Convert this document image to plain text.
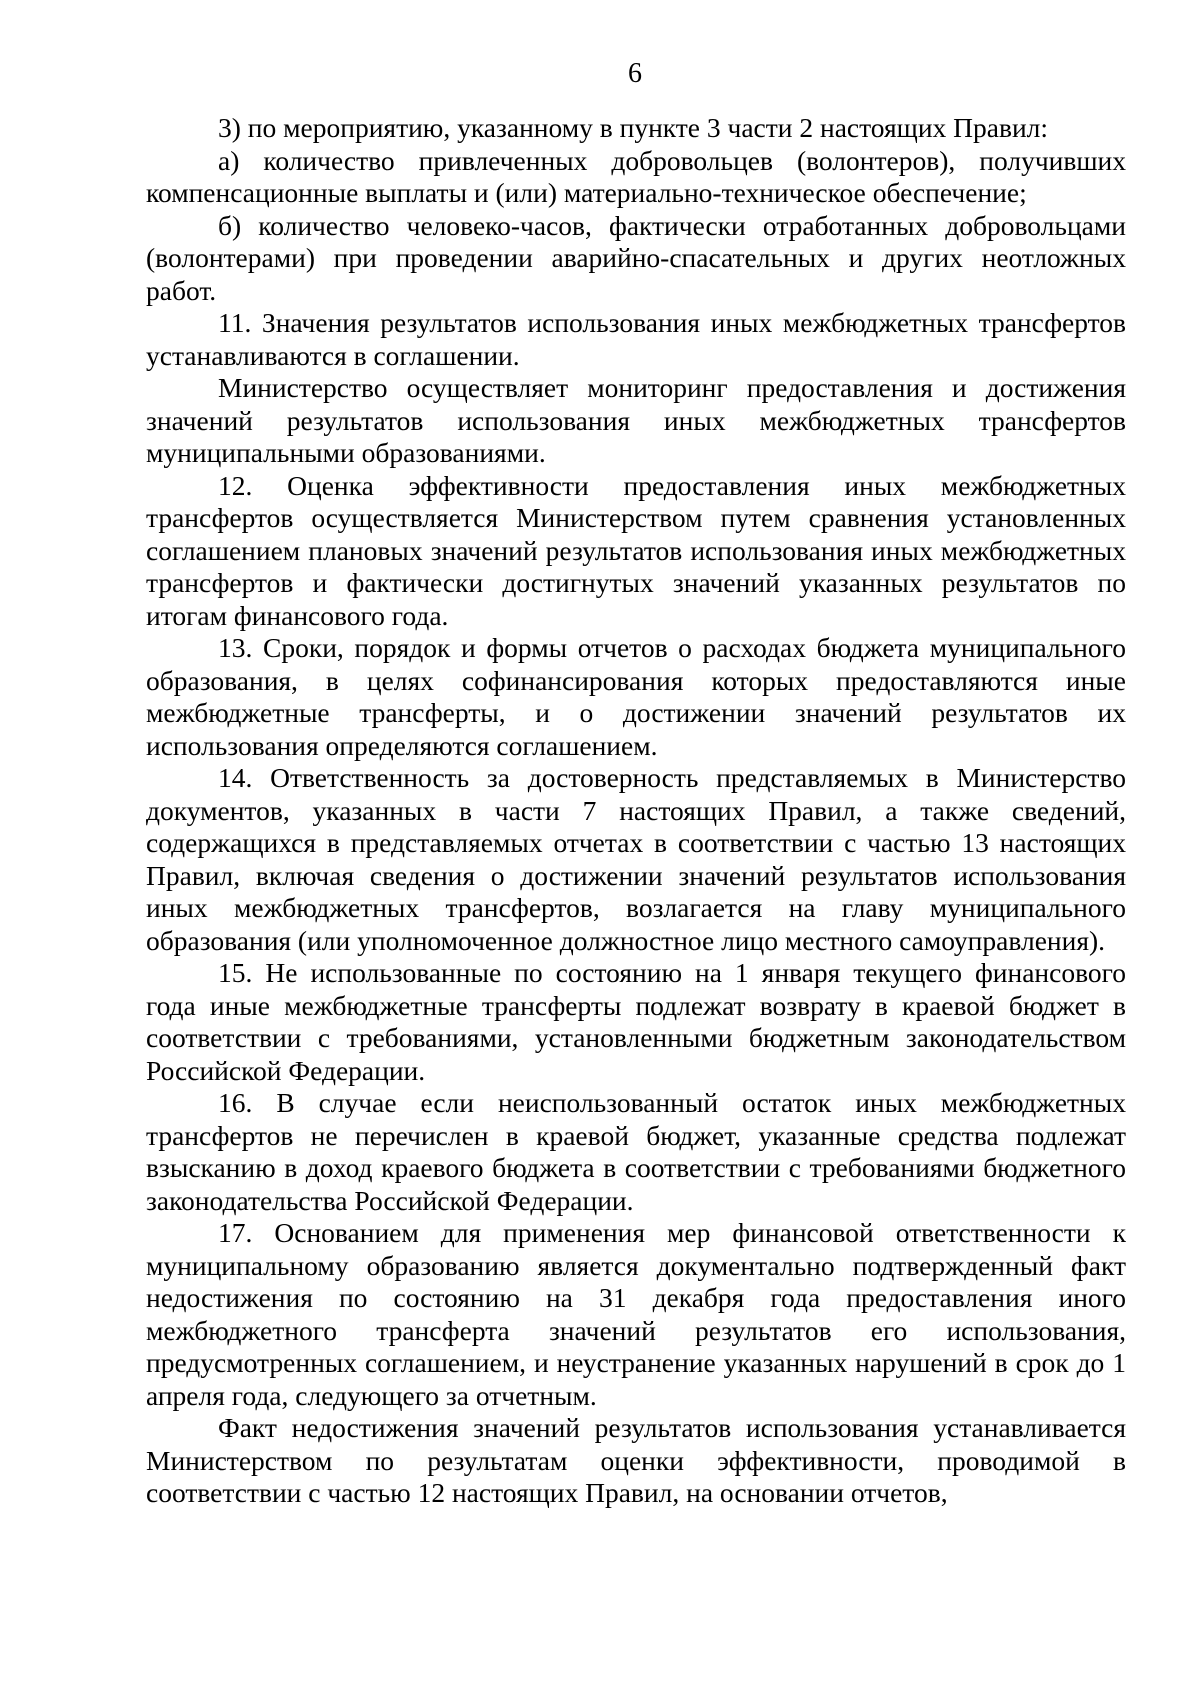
6

3) по мероприятию, указанному в пункте 3 части 2 настоящих Правил:

а) количество привлеченных добровольцев (волонтеров), получивших компенсационные выплаты и (или) материально-техническое обеспечение;

б) количество человеко-часов, фактически отработанных добровольцами (волонтерами) при проведении аварийно-спасательных и других неотложных работ.

11. Значения результатов использования иных межбюджетных трансфертов устанавливаются в соглашении.

Министерство осуществляет мониторинг предоставления и достижения значений результатов использования иных межбюджетных трансфертов муниципальными образованиями.

12. Оценка эффективности предоставления иных межбюджетных трансфертов осуществляется Министерством путем сравнения установленных соглашением плановых значений результатов использования иных межбюджетных трансфертов и фактически достигнутых значений указанных результатов по итогам финансового года.

13. Сроки, порядок и формы отчетов о расходах бюджета муниципального образования, в целях софинансирования которых предоставляются иные межбюджетные трансферты, и о достижении значений результатов их использования определяются соглашением.

14. Ответственность за достоверность представляемых в Министерство документов, указанных в части 7 настоящих Правил, а также сведений, содержащихся в представляемых отчетах в соответствии с частью 13 настоящих Правил, включая сведения о достижении значений результатов использования иных межбюджетных трансфертов, возлагается на главу муниципального образования (или уполномоченное должностное лицо местного самоуправления).

15. Не использованные по состоянию на 1 января текущего финансового года иные межбюджетные трансферты подлежат возврату в краевой бюджет в соответствии с требованиями, установленными бюджетным законодательством Российской Федерации.

16. В случае если неиспользованный остаток иных межбюджетных трансфертов не перечислен в краевой бюджет, указанные средства подлежат взысканию в доход краевого бюджета в соответствии с требованиями бюджетного законодательства Российской Федерации.

17. Основанием для применения мер финансовой ответственности к муниципальному образованию является документально подтвержденный факт недостижения по состоянию на 31 декабря года предоставления иного межбюджетного трансферта значений результатов его использования, предусмотренных соглашением, и неустранение указанных нарушений в срок до 1 апреля года, следующего за отчетным.

Факт недостижения значений результатов использования устанавливается Министерством по результатам оценки эффективности, проводимой в соответствии с частью 12 настоящих Правил, на основании отчетов,
